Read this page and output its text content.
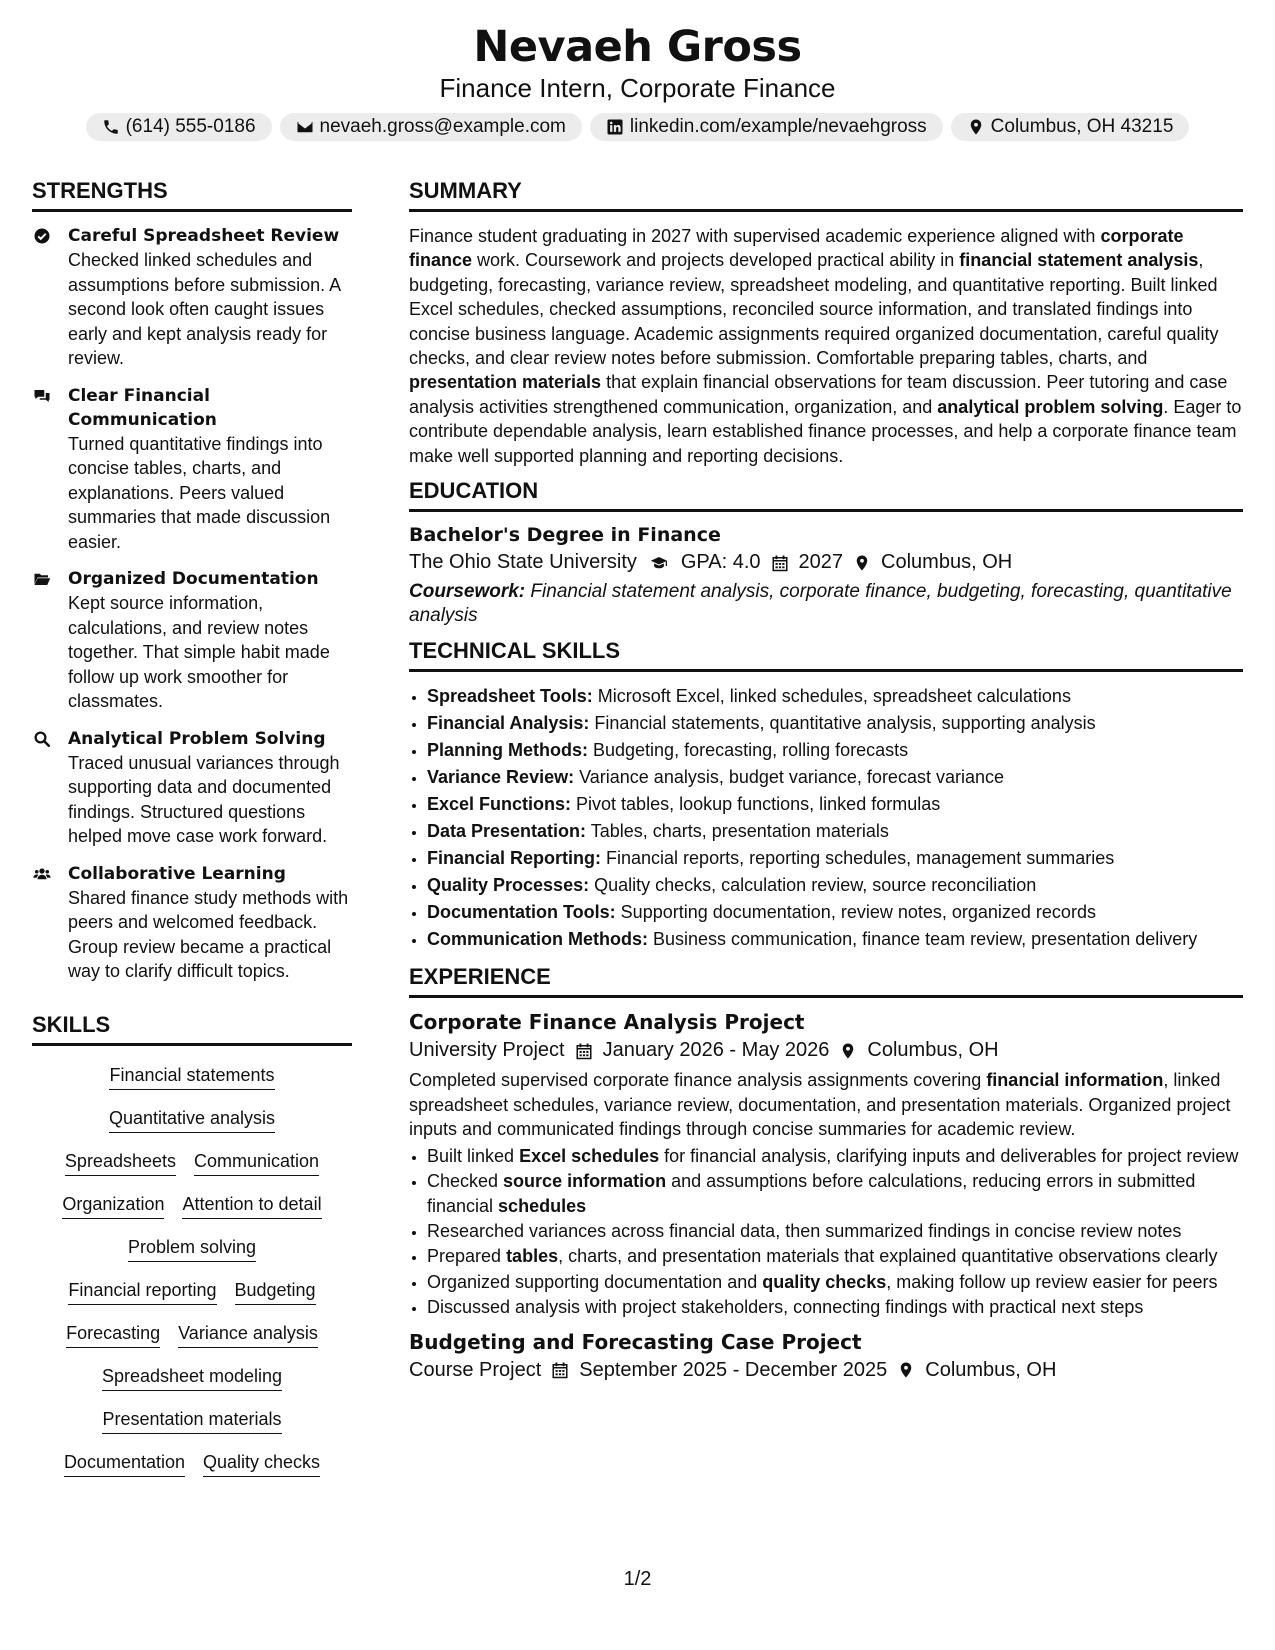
Nevaeh Gross
Finance Intern, Corporate Finance
(614) 555-0186	nevaeh.gross@example.com	linkedin.com/example/nevaehgross	Columbus, OH 43215
STRENGTHS
Careful Spreadsheet Review
Checked linked schedules and assumptions before submission. A second look often caught issues early and kept analysis ready for review.
Clear Financial Communication
Turned quantitative findings into concise tables, charts, and explanations. Peers valued summaries that made discussion easier.
Organized Documentation
Kept source information, calculations, and review notes together. That simple habit made follow up work smoother for classmates.
Analytical Problem Solving
Traced unusual variances through supporting data and documented findings. Structured questions helped move case work forward.
Collaborative Learning
Shared finance study methods with peers and welcomed feedback. Group review became a practical way to clarify difficult topics.
SKILLS
Financial statements
Quantitative analysis
Spreadsheets Communication
Organization Attention to detail
Problem solving
Financial reporting Budgeting
Forecasting Variance analysis
Spreadsheet modeling
Presentation materials
Documentation Quality checks
SUMMARY

Finance student graduating in 2027 with supervised academic experience aligned with corporate finance work. Coursework and projects developed practical ability in financial statement analysis, budgeting, forecasting, variance review, spreadsheet modeling, and quantitative reporting. Built linked Excel schedules, checked assumptions, reconciled source information, and translated findings into concise business language. Academic assignments required organized documentation, careful quality checks, and clear review notes before submission. Comfortable preparing tables, charts, and presentation materials that explain financial observations for team discussion. Peer tutoring and case analysis activities strengthened communication, organization, and analytical problem solving. Eager to contribute dependable analysis, learn established finance processes, and help a corporate finance team make well supported planning and reporting decisions.

EDUCATION
Bachelor's Degree in Finance
The Ohio State University GPA: 4.0 2027 Columbus, OH
Coursework: Financial statement analysis, corporate finance, budgeting, forecasting, quantitative analysis
TECHNICAL SKILLS
• Spreadsheet Tools: Microsoft Excel, linked schedules, spreadsheet calculations
• Financial Analysis: Financial statements, quantitative analysis, supporting analysis
• Planning Methods: Budgeting, forecasting, rolling forecasts
• Variance Review: Variance analysis, budget variance, forecast variance
• Excel Functions: Pivot tables, lookup functions, linked formulas
• Data Presentation: Tables, charts, presentation materials
• Financial Reporting: Financial reports, reporting schedules, management summaries
• Quality Processes: Quality checks, calculation review, source reconciliation
• Documentation Tools: Supporting documentation, review notes, organized records
• Communication Methods: Business communication, finance team review, presentation delivery
EXPERIENCE
Corporate Finance Analysis Project
University Project January 2026 - May 2026 Columbus, OH

Completed supervised corporate finance analysis assignments covering financial information, linked spreadsheet schedules, variance review, documentation, and presentation materials. Organized project inputs and communicated findings through concise summaries for academic review.

• Built linked Excel schedules for financial analysis, clarifying inputs and deliverables for project review
• Checked source information and assumptions before calculations, reducing errors in submitted financial schedules
• Researched variances across financial data, then summarized findings in concise review notes
• Prepared tables, charts, and presentation materials that explained quantitative observations clearly
• Organized supporting documentation and quality checks, making follow up review easier for peers
• Discussed analysis with project stakeholders, connecting findings with practical next steps
Budgeting and Forecasting Case Project
Course Project September 2025 - December 2025 Columbus, OH
1/2
